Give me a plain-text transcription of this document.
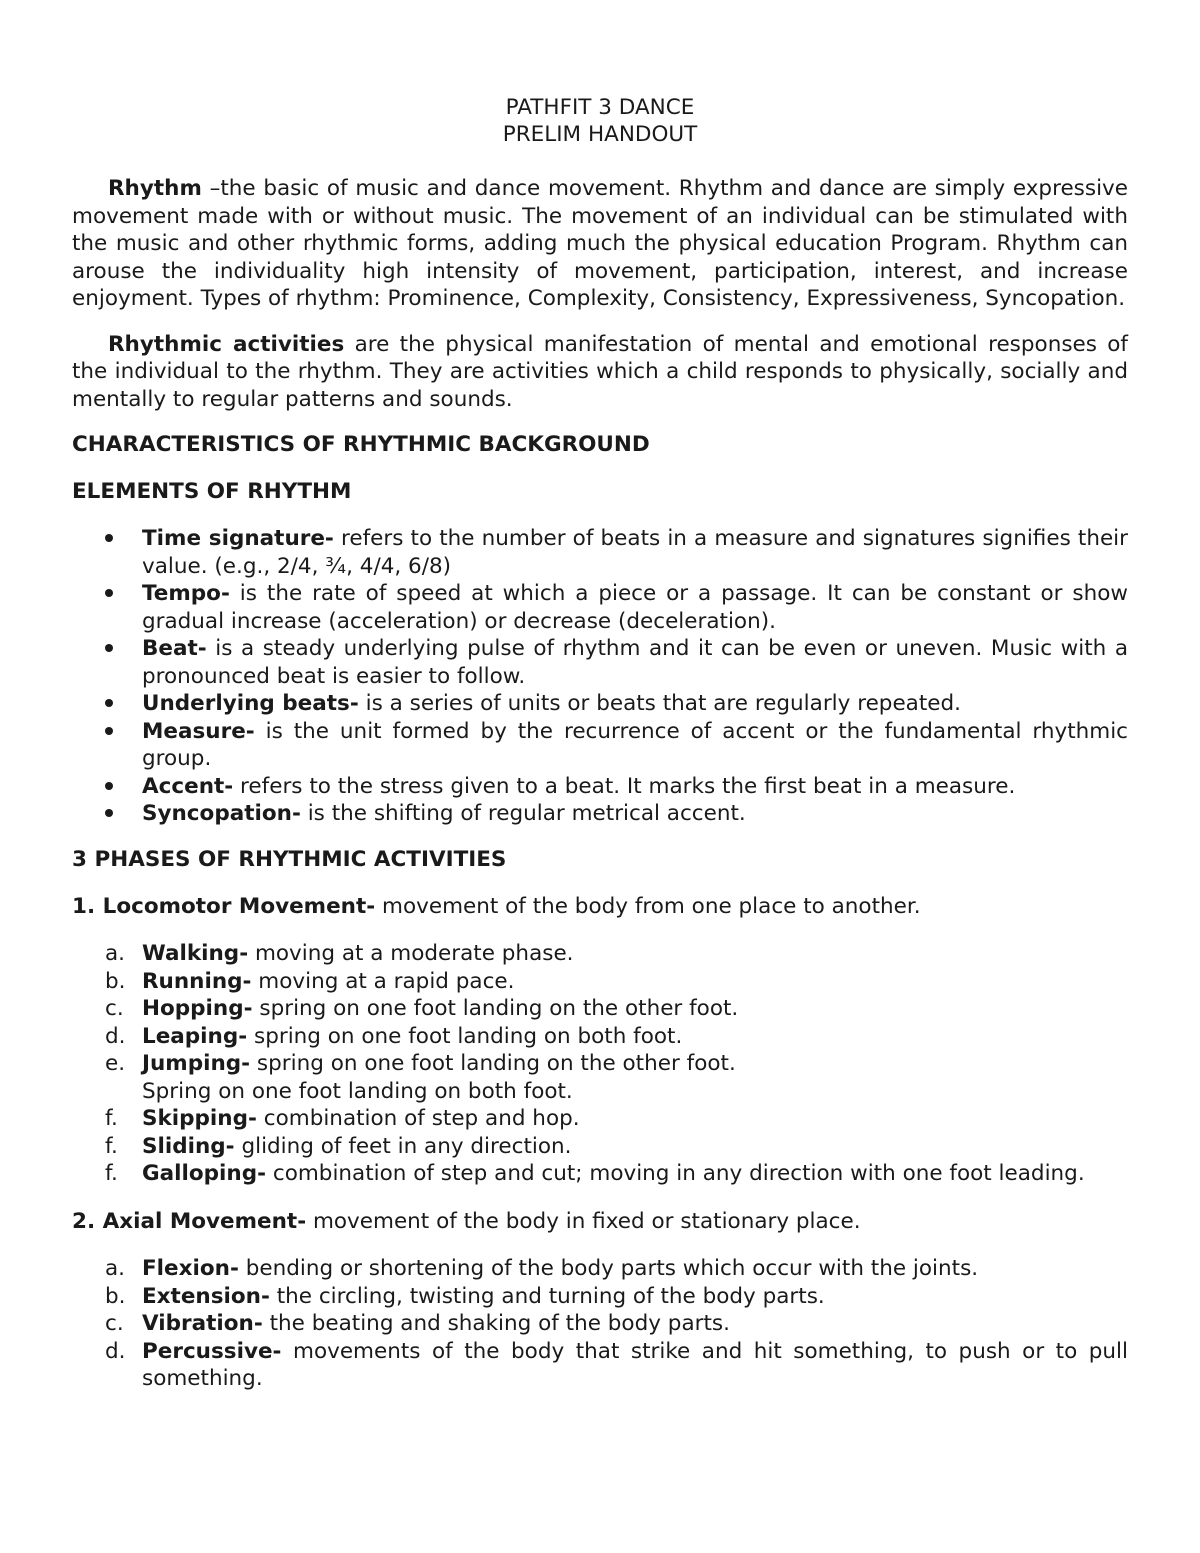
PATHFIT 3 DANCE

PRELIM HANDOUT

Rhythm –the basic of music and dance movement. Rhythm and dance are simply expressive movement made with or without music. The movement of an individual can be stimulated with the music and other rhythmic forms, adding much the physical education Program. Rhythm can arouse the individuality high intensity of movement, participation, interest, and increase enjoyment. Types of rhythm: Prominence, Complexity, Consistency, Expressiveness, Syncopation.

Rhythmic activities are the physical manifestation of mental and emotional responses of the individual to the rhythm. They are activities which a child responds to physically, socially and mentally to regular patterns and sounds.

CHARACTERISTICS OF RHYTHMIC BACKGROUND
ELEMENTS OF RHYTHM
Time signature- refers to the number of beats in a measure and signatures signifies their value. (e.g., 2/4, ¾, 4/4, 6/8)
Tempo- is the rate of speed at which a piece or a passage. It can be constant or show gradual increase (acceleration) or decrease (deceleration).
Beat- is a steady underlying pulse of rhythm and it can be even or uneven. Music with a pronounced beat is easier to follow.
Underlying beats- is a series of units or beats that are regularly repeated.
Measure- is the unit formed by the recurrence of accent or the fundamental rhythmic group.
Accent- refers to the stress given to a beat. It marks the first beat in a measure.
Syncopation- is the shifting of regular metrical accent.
3 PHASES OF RHYTHMIC ACTIVITIES

1. Locomotor Movement- movement of the body from one place to another.

a. Walking- moving at a moderate phase.
b. Running- moving at a rapid pace.
c. Hopping- spring on one foot landing on the other foot.
d. Leaping- spring on one foot landing on both foot.
e. Jumping- spring on one foot landing on the other foot.
Spring on one foot landing on both foot.
f. Skipping- combination of step and hop.
f. Sliding- gliding of feet in any direction.
f. Galloping- combination of step and cut; moving in any direction with one foot leading.

2. Axial Movement- movement of the body in fixed or stationary place.

a. Flexion- bending or shortening of the body parts which occur with the joints.
b. Extension- the circling, twisting and turning of the body parts.
c. Vibration- the beating and shaking of the body parts.
d. Percussive- movements of the body that strike and hit something, to push or to pull something.
